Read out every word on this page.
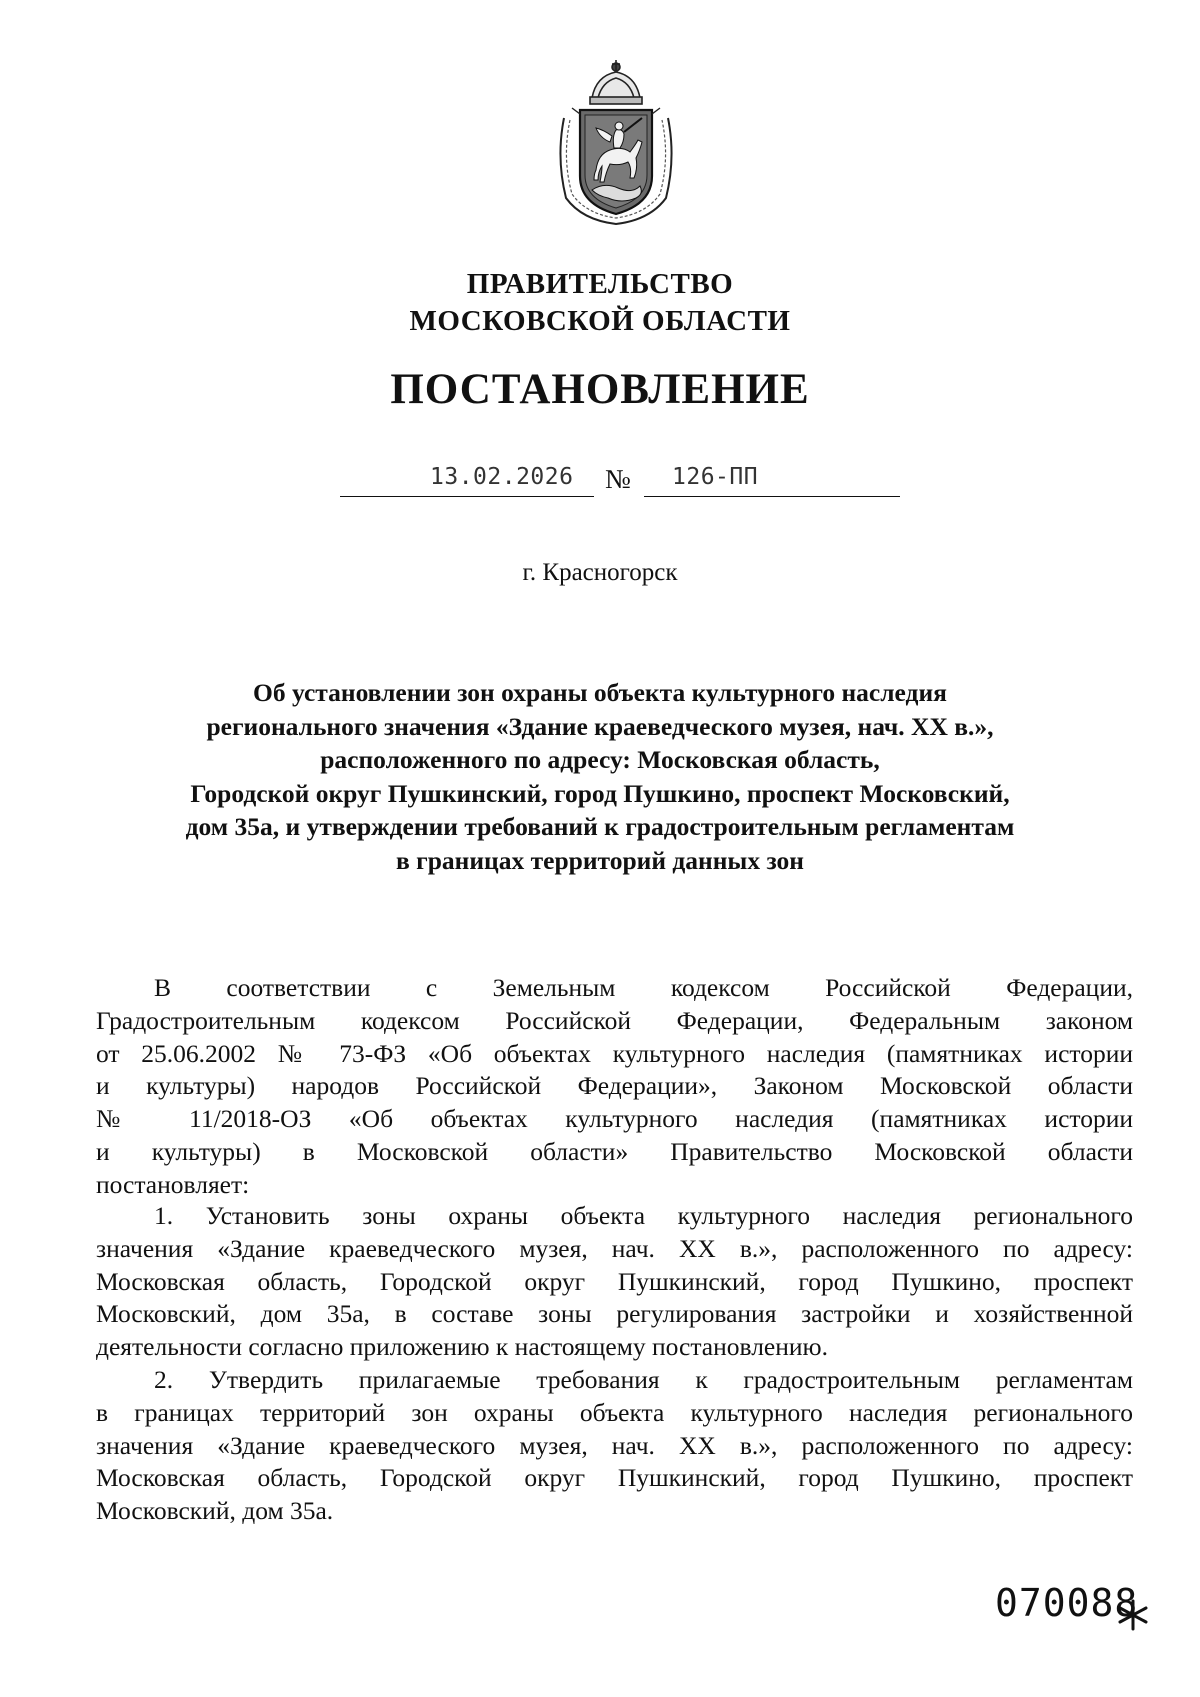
ПРАВИТЕЛЬСТВО
МОСКОВСКОЙ ОБЛАСТИ
ПОСТАНОВЛЕНИЕ
13.02.2026 № 126-ПП
г. Красногорск
Об установлении зон охраны объекта культурного наследия
регионального значения «Здание краеведческого музея, нач. XX в.»,
расположенного по адресу: Московская область,
Городской округ Пушкинский, город Пушкино, проспект Московский,
дом 35а, и утверждении требований к градостроительным регламентам
в границах территорий данных зон
В соответствии с Земельным кодексом Российской Федерации,
Градостроительным кодексом Российской Федерации, Федеральным законом
от 25.06.2002 № 73-ФЗ «Об объектах культурного наследия (памятниках истории
и культуры) народов Российской Федерации», Законом Московской области
№ 11/2018-ОЗ «Об объектах культурного наследия (памятниках истории
и культуры) в Московской области» Правительство Московской области
постановляет:
1. Установить зоны охраны объекта культурного наследия регионального
значения «Здание краеведческого музея, нач. XX в.», расположенного по адресу:
Московская область, Городской округ Пушкинский, город Пушкино, проспект
Московский, дом 35а, в составе зоны регулирования застройки и хозяйственной
деятельности согласно приложению к настоящему постановлению.
2. Утвердить прилагаемые требования к градостроительным регламентам
в границах территорий зон охраны объекта культурного наследия регионального
значения «Здание краеведческого музея, нач. XX в.», расположенного по адресу:
Московская область, Городской округ Пушкинский, город Пушкино, проспект
Московский, дом 35а.
070088
